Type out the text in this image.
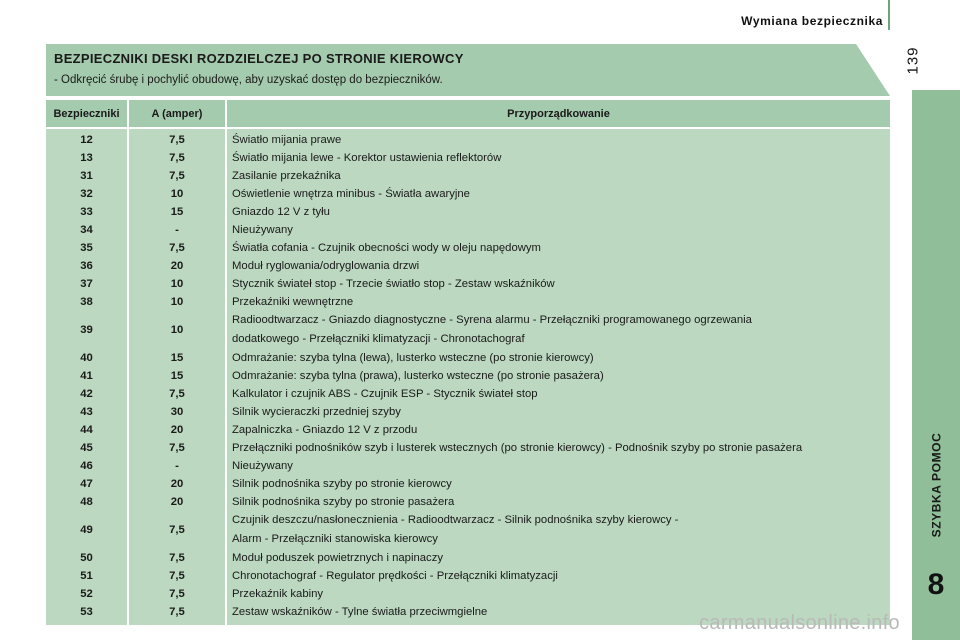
Wymiana bezpiecznika
139
SZYBKA POMOC
8
BEZPIECZNIKI DESKI ROZDZIELCZEJ PO STRONIE KIEROWCY
- Odkręcić śrubę i pochylić obudowę, aby uzyskać dostęp do bezpieczników.
Bezpieczniki	A (amper)	Przyporządkowanie
12	7,5	Światło mijania prawe
13	7,5	Światło mijania lewe - Korektor ustawienia reflektorów
31	7,5	Zasilanie przekaźnika
32	10	Oświetlenie wnętrza minibus - Światła awaryjne
33	15	Gniazdo 12 V z tyłu
34	-	Nieużywany
35	7,5	Światła cofania - Czujnik obecności wody w oleju napędowym
36	20	Moduł ryglowania/odryglowania drzwi
37	10	Stycznik świateł stop - Trzecie światło stop - Zestaw wskaźników
38	10	Przekaźniki wewnętrzne
39	10	Radioodtwarzacz - Gniazdo diagnostyczne - Syrena alarmu - Przełączniki programowanego ogrzewania
dodatkowego - Przełączniki klimatyzacji - Chronotachograf

40	15	Odmrażanie: szyba tylna (lewa), lusterko wsteczne (po stronie kierowcy)
41	15	Odmrażanie: szyba tylna (prawa), lusterko wsteczne (po stronie pasażera)
42	7,5	Kalkulator i czujnik ABS - Czujnik ESP - Stycznik świateł stop
43	30	Silnik wycieraczki przedniej szyby
44	20	Zapalniczka - Gniazdo 12 V z przodu
45	7,5	Przełączniki podnośników szyb i lusterek wstecznych (po stronie kierowcy) - Podnośnik szyby po stronie pasażera
46	-	Nieużywany
47	20	Silnik podnośnika szyby po stronie kierowcy
48	20	Silnik podnośnika szyby po stronie pasażera
49	7,5	Czujnik deszczu/nasłonecznienia - Radioodtwarzacz - Silnik podnośnika szyby kierowcy -
Alarm - Przełączniki stanowiska kierowcy

50	7,5	Moduł poduszek powietrznych i napinaczy
51	7,5	Chronotachograf - Regulator prędkości - Przełączniki klimatyzacji
52	7,5	Przekaźnik kabiny
53	7,5	Zestaw wskaźników - Tylne światła przeciwmgielne	carmanualsonline.info
